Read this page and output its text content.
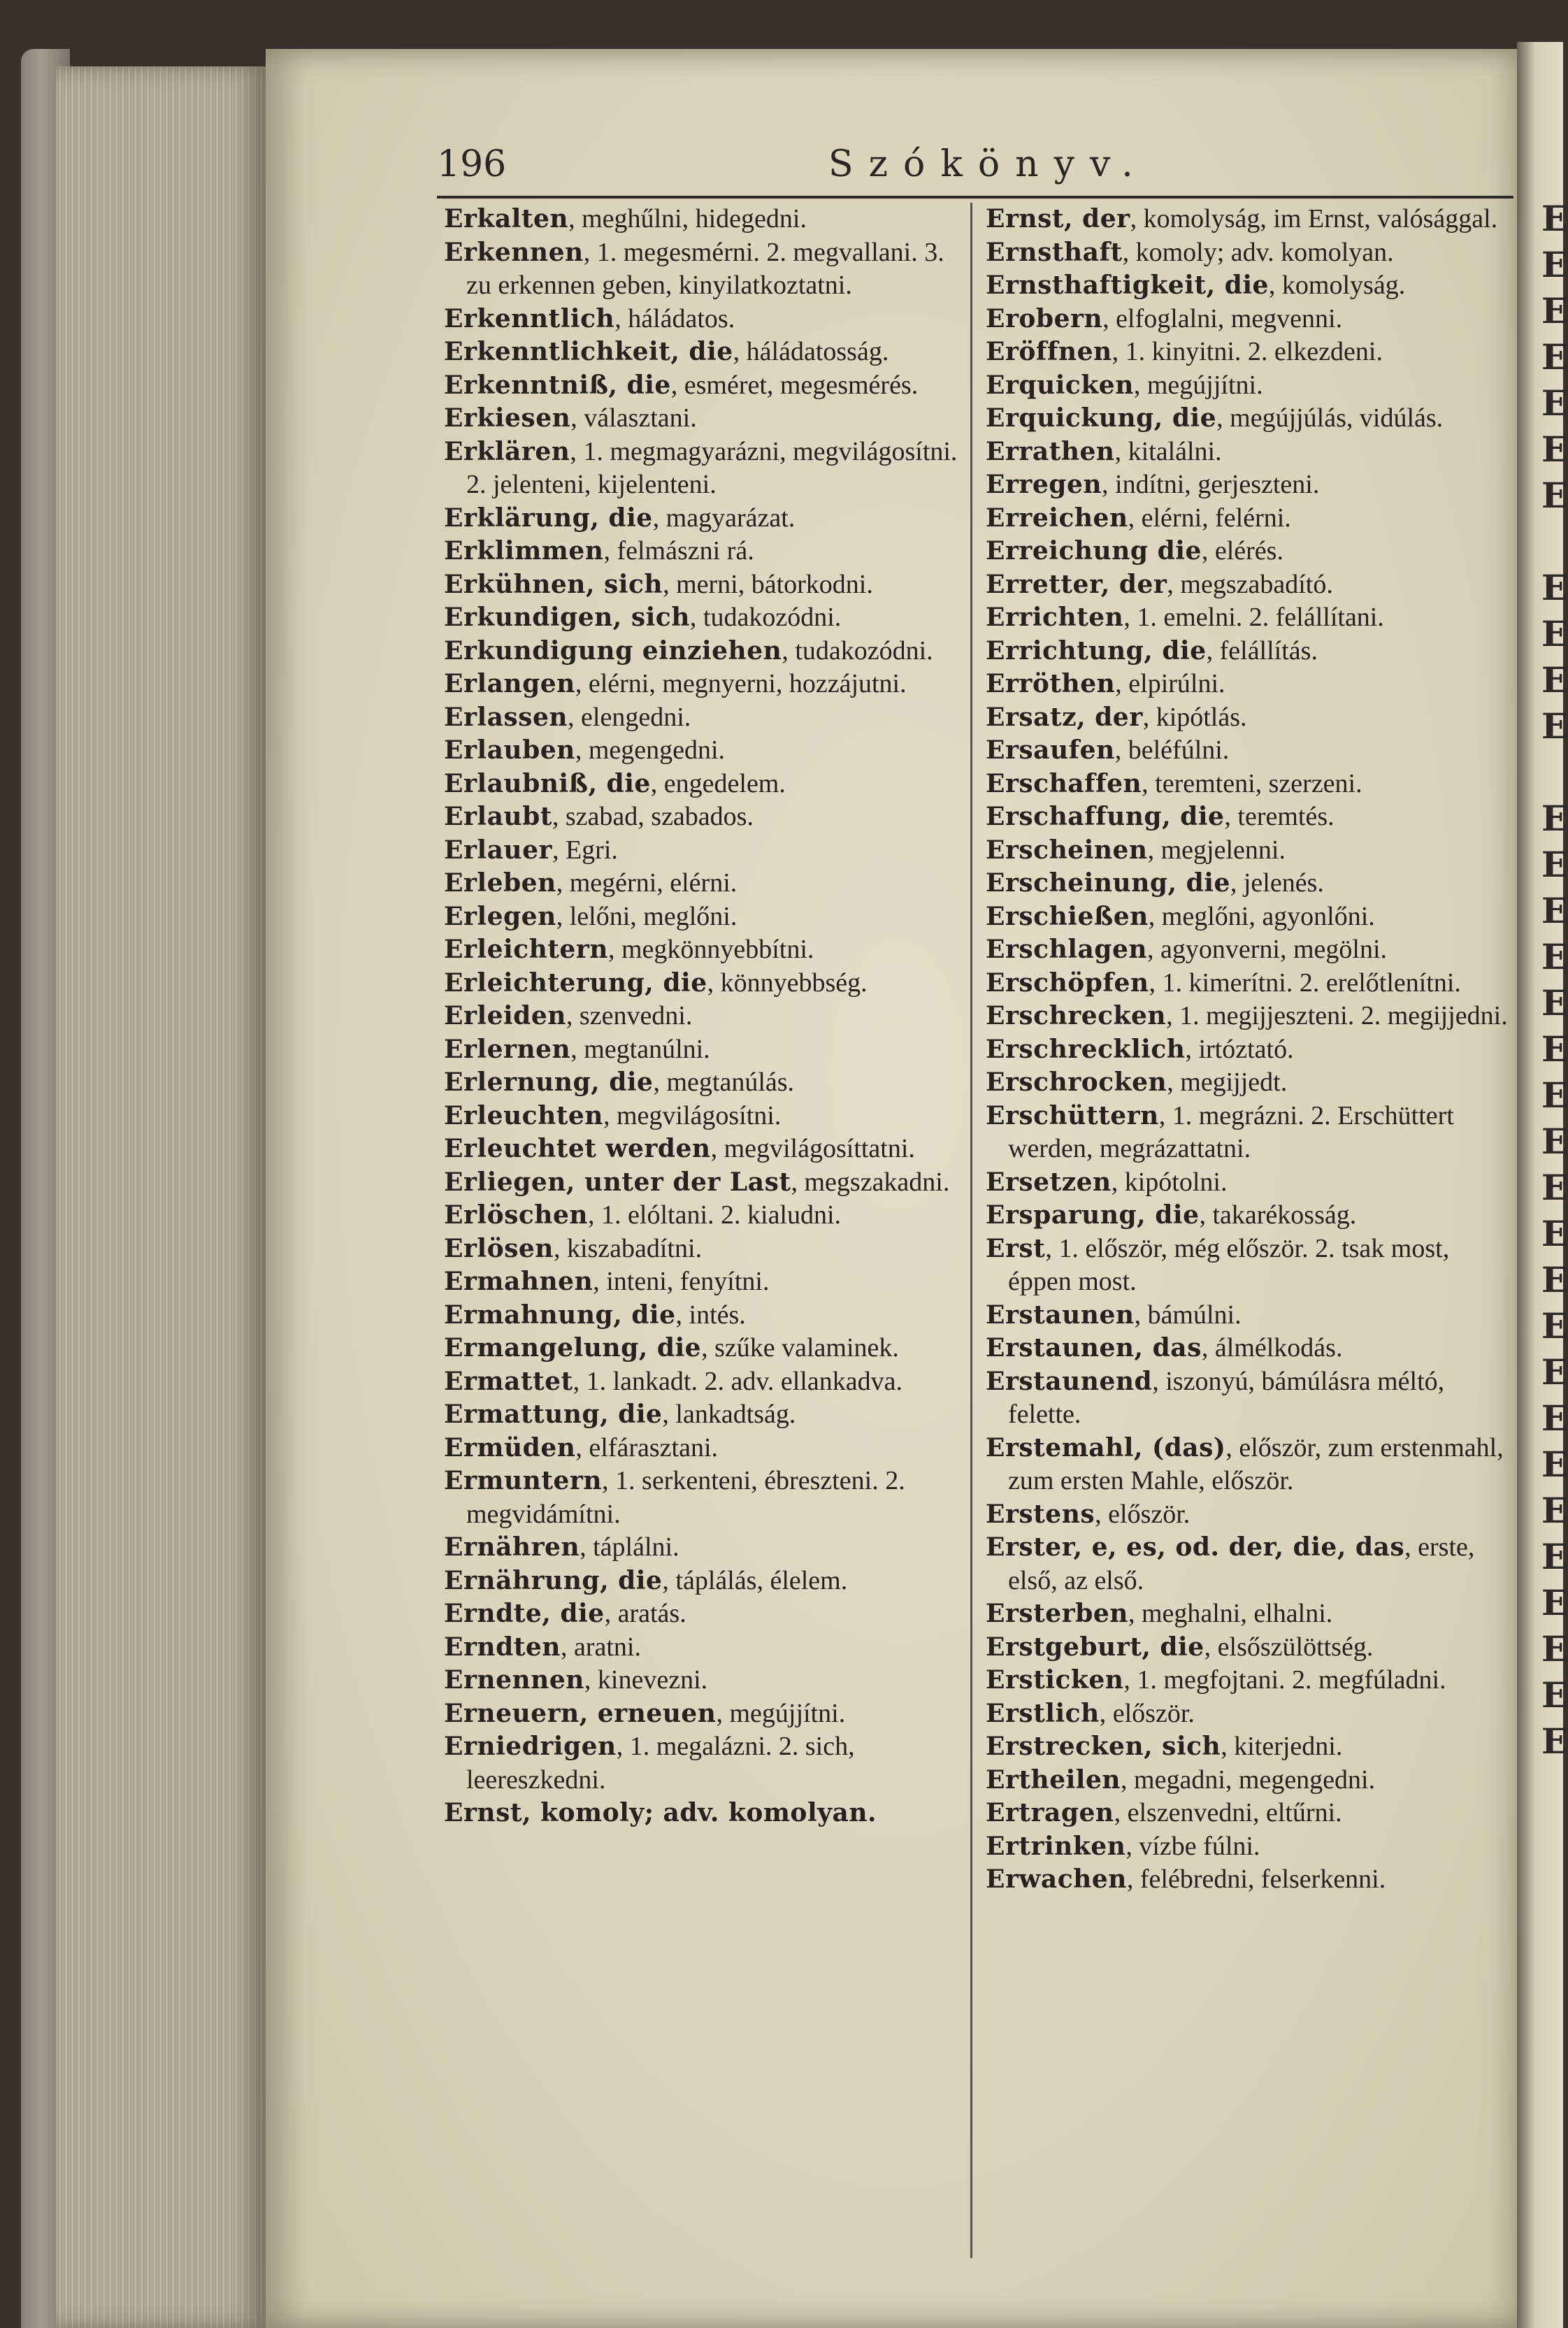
E
E
E
E
E
E
E

E
E
E
E

E
E
E
E
E
E
E
E
E
E
E
E
E
E
E
E
E
E
E
E
E
196	Szókönyv.

Erkalten, meghűlni, hidegedni.

Erkennen, 1. megesmérni. 2. megvallani. 3. zu erkennen geben, kinyilatkoztatni.

Erkenntlich, háládatos.

Erkenntlichkeit, die, háládatosság.

Erkenntniß, die, esméret, megesmérés.

Erkiesen, választani.

Erklären, 1. megmagyarázni, megvilágosítni. 2. jelenteni, kijelenteni.

Erklärung, die, magyarázat.

Erklimmen, felmászni rá.

Erkühnen, sich, merni, bátorkodni.

Erkundigen, sich, tudakozódni.

Erkundigung einziehen, tudakozódni.

Erlangen, elérni, megnyerni, hozzájutni.

Erlassen, elengedni.

Erlauben, megengedni.

Erlaubniß, die, engedelem.

Erlaubt, szabad, szabados.

Erlauer, Egri.

Erleben, megérni, elérni.

Erlegen, lelőni, meglőni.

Erleichtern, megkönnyebbítni.

Erleichterung, die, könnyebbség.

Erleiden, szenvedni.

Erlernen, megtanúlni.

Erlernung, die, megtanúlás.

Erleuchten, megvilágosítni.

Erleuchtet werden, megvilágosíttatni.

Erliegen, unter der Last, megszakadni.

Erlöschen, 1. elóltani. 2. kialudni.

Erlösen, kiszabadítni.

Ermahnen, inteni, fenyítni.

Ermahnung, die, intés.

Ermangelung, die, szűke valaminek.

Ermattet, 1. lankadt. 2. adv. ellankadva.

Ermattung, die, lankadtság.

Ermüden, elfárasztani.

Ermuntern, 1. serkenteni, ébreszteni. 2. megvidámítni.

Ernähren, táplálni.

Ernährung, die, táplálás, élelem.

Erndte, die, aratás.

Erndten, aratni.

Ernennen, kinevezni.

Erneuern, erneuen, megújjítni.

Erniedrigen, 1. megalázni. 2. sich, leereszkedni.

Ernst, komoly; adv. komolyan.

Ernst, der, komolyság, im Ernst, valósággal.

Ernsthaft, komoly; adv. komolyan.

Ernsthaftigkeit, die, komolyság.

Erobern, elfoglalni, megvenni.

Eröffnen, 1. kinyitni. 2. elkezdeni.

Erquicken, megújjítni.

Erquickung, die, megújjúlás, vidúlás.

Errathen, kitalálni.

Erregen, indítni, gerjeszteni.

Erreichen, elérni, felérni.

Erreichung die, elérés.

Erretter, der, megszabadító.

Errichten, 1. emelni. 2. felállítani.

Errichtung, die, felállítás.

Erröthen, elpirúlni.

Ersatz, der, kipótlás.

Ersaufen, beléfúlni.

Erschaffen, teremteni, szerzeni.

Erschaffung, die, teremtés.

Erscheinen, megjelenni.

Erscheinung, die, jelenés.

Erschießen, meglőni, agyonlőni.

Erschlagen, agyonverni, megölni.

Erschöpfen, 1. kimerítni. 2. erelőtlenítni.

Erschrecken, 1. megijjeszteni. 2. megijjedni.

Erschrecklich, irtóztató.

Erschrocken, megijjedt.

Erschüttern, 1. megrázni. 2. Erschüttert werden, megrázattatni.

Ersetzen, kipótolni.

Ersparung, die, takarékosság.

Erst, 1. először, még először. 2. tsak most, éppen most.

Erstaunen, bámúlni.

Erstaunen, das, álmélkodás.

Erstaunend, iszonyú, bámúlásra méltó, felette.

Erstemahl, (das), először, zum erstenmahl, zum ersten Mahle, először.

Erstens, először.

Erster, e, es, od. der, die, das, erste, első, az első.

Ersterben, meghalni, elhalni.

Erstgeburt, die, elsőszülöttség.

Ersticken, 1. megfojtani. 2. megfúladni.

Erstlich, először.

Erstrecken, sich, kiterjedni.

Ertheilen, megadni, megengedni.

Ertragen, elszenvedni, eltűrni.

Ertrinken, vízbe fúlni.

Erwachen, felébredni, felserkenni.
